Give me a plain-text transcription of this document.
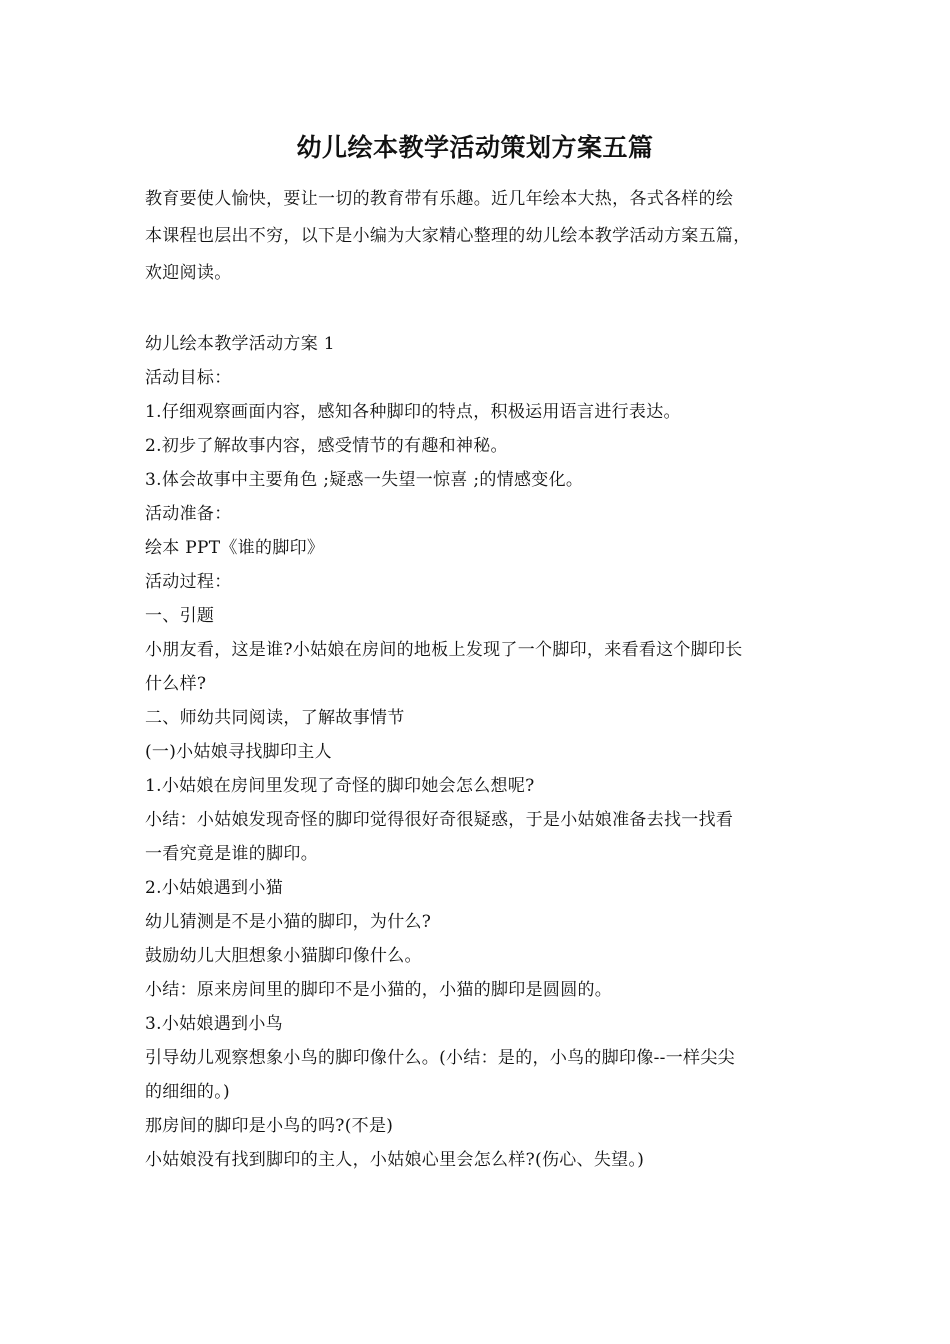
幼儿绘本教学活动策划方案五篇

教育要使人愉快，要让一切的教育带有乐趣。近几年绘本大热，各式各样的绘

本课程也层出不穷，以下是小编为大家精心整理的幼儿绘本教学活动方案五篇，

欢迎阅读。

幼儿绘本教学活动方案 1

活动目标：

1.仔细观察画面内容，感知各种脚印的特点，积极运用语言进行表达。

2.初步了解故事内容，感受情节的有趣和神秘。

3.体会故事中主要角色 ;疑惑一失望一惊喜 ;的情感变化。

活动准备：

绘本 PPT《谁的脚印》

活动过程：

一、引题

小朋友看，这是谁?小姑娘在房间的地板上发现了一个脚印，来看看这个脚印长

什么样?

二、师幼共同阅读，了解故事情节

(一)小姑娘寻找脚印主人

1.小姑娘在房间里发现了奇怪的脚印她会怎么想呢?

小结：小姑娘发现奇怪的脚印觉得很好奇很疑惑，于是小姑娘准备去找一找看

一看究竟是谁的脚印。

2.小姑娘遇到小猫

幼儿猜测是不是小猫的脚印，为什么?

鼓励幼儿大胆想象小猫脚印像什么。

小结：原来房间里的脚印不是小猫的，小猫的脚印是圆圆的。

3.小姑娘遇到小鸟

引导幼儿观察想象小鸟的脚印像什么。(小结：是的，小鸟的脚印像--一样尖尖

的细细的。)

那房间的脚印是小鸟的吗?(不是)

小姑娘没有找到脚印的主人，小姑娘心里会怎么样?(伤心、失望。)
